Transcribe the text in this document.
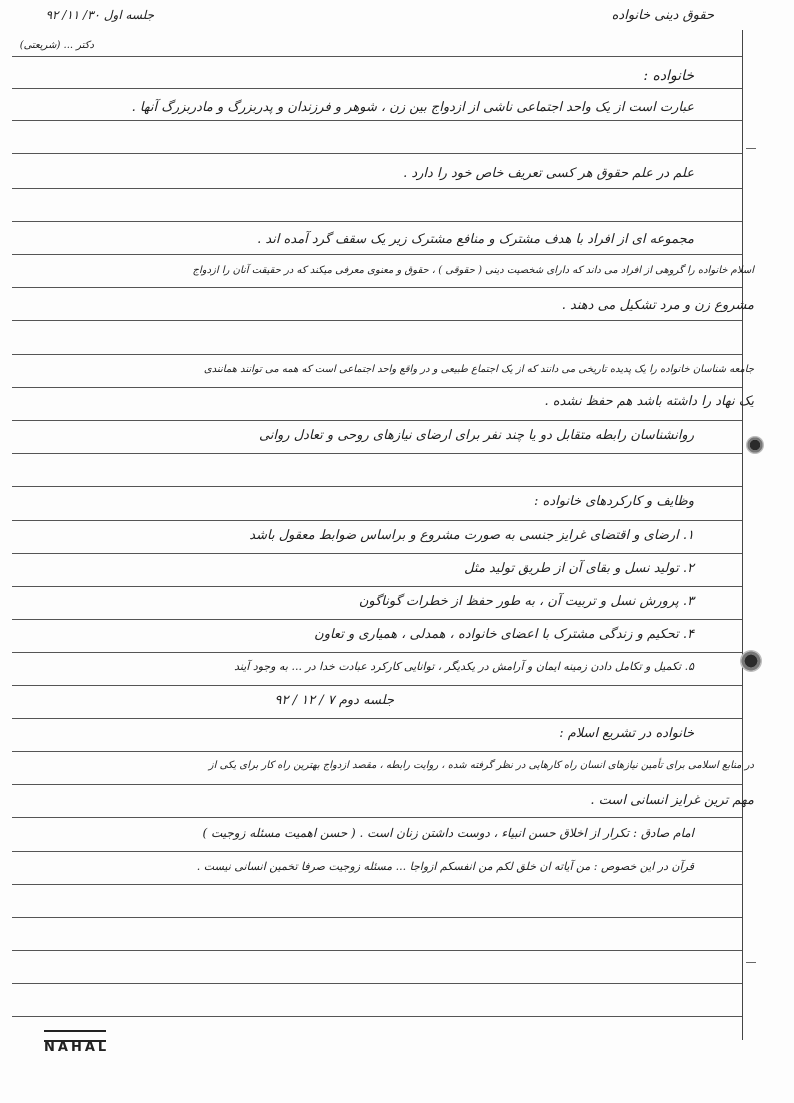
جلسه اول ۳۰/ ۱۱/ ۹۲
دکتر ... (شریعتی)
حقوق دینی خانواده
خانواده :
عبارت است از یک واحد اجتماعی ناشی از ازدواج بین زن ، شوهر و فرزندان و پدربزرگ و مادربزرگ آنها .
علم در علم حقوق هر کسی تعریف خاص خود را دارد .
مجموعه ای از افراد با هدف مشترک و منافع مشترک زیر یک سقف گرد آمده اند .
اسلام خانواده را گروهی از افراد می داند که دارای شخصیت دینی ( حقوقی ) ، حقوق و معنوی معرفی میکند که در حقیقت آنان را ازدواج
مشروع زن و مرد تشکیل می دهند .
جامعه شناسان خانواده را یک پدیده تاریخی می دانند که از یک اجتماع طبیعی و در واقع واحد اجتماعی است که همه می توانند همانندی
یک نهاد را داشته باشد هم حفظ نشده .
روانشناسان رابطه متقابل دو یا چند نفر برای ارضای نیازهای روحی و تعادل روانی
وظایف و کارکردهای خانواده :
۱. ارضای و اقتضای غرایز جنسی به صورت مشروع و براساس ضوابط معقول باشد
۲. تولید نسل و بقای آن از طریق تولید مثل
۳. پرورش نسل و تربیت آن ، به طور حفظ از خطرات گوناگون
۴. تحکیم و زندگی مشترک با اعضای خانواده ، همدلی ، همیاری و تعاون
۵. تکمیل و تکامل دادن زمینه ایمان و آرامش در یکدیگر ، توانایی کارکرد عبادت خدا در ... به وجود آیند
جلسه دوم ۷ / ۱۲ / ۹۲
خانواده در تشریع اسلام :
در منابع اسلامی برای تأمین نیازهای انسان راه کارهایی در نظر گرفته شده ، روایت رابطه ، مقصد ازدواج بهترین راه کار برای یکی از
مهم ترین غرایز انسانی است .
امام صادق : تکرار از اخلاق حسن انبیاء ، دوست داشتن زنان است . ( حسن اهمیت مسئله زوجیت )
قرآن در این خصوص : من آیاته ان خلق لکم من انفسکم ازواجا ... مسئله زوجیت صرفا تخمین انسانی نیست .
NAHAL
